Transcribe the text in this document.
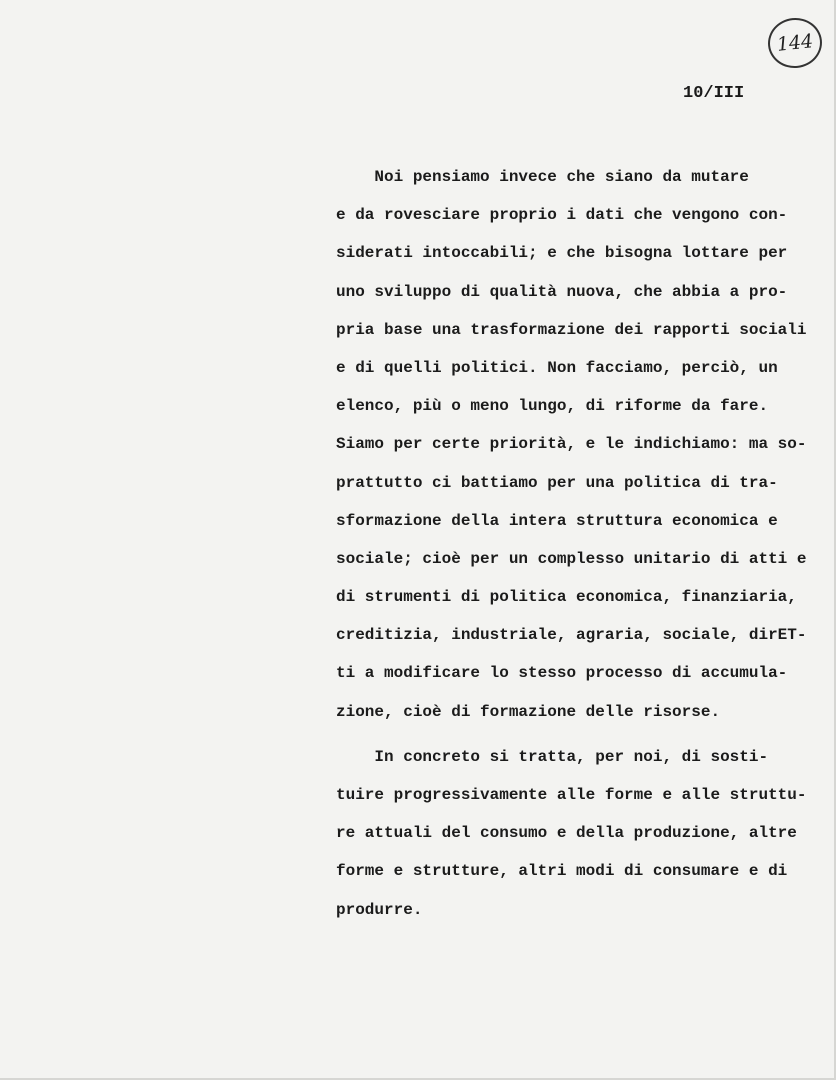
144
10/III
Noi pensiamo invece che siano da mutare
e da rovesciare proprio i dati che vengono con-
siderati intoccabili; e che bisogna lottare per
uno sviluppo di qualità nuova, che abbia a pro-
pria base una trasformazione dei rapporti sociali
e di quelli politici. Non facciamo, perciò, un
elenco, più o meno lungo, di riforme da fare.
Siamo per certe priorità, e le indichiamo: ma so-
prattutto ci battiamo per una politica di tra-
sformazione della intera struttura economica e
sociale; cioè per un complesso unitario di atti e
di strumenti di politica economica, finanziaria,
creditizia, industriale, agraria, sociale, dirET-
ti a modificare lo stesso processo di accumula-
zione, cioè di formazione delle risorse.
In concreto si tratta, per noi, di sosti-
tuire progressivamente alle forme e alle struttu-
re attuali del consumo e della produzione, altre
forme e strutture, altri modi di consumare e di
produrre.
